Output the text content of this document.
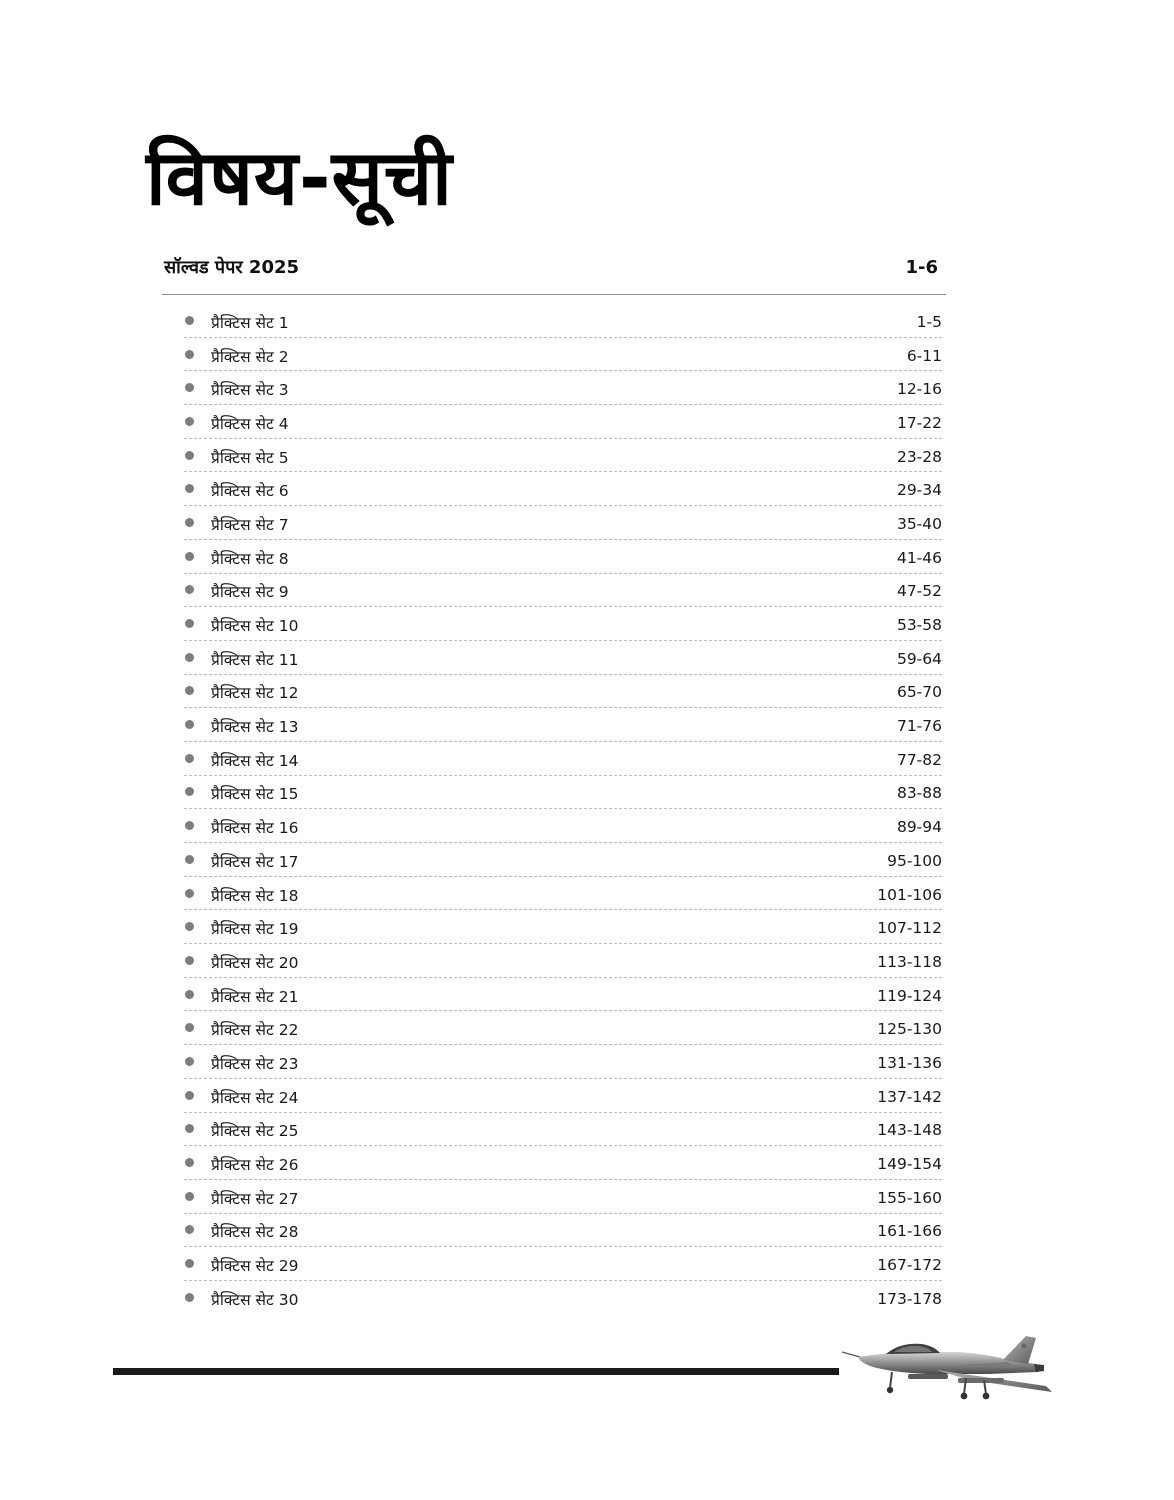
विषय-सूची
सॉल्वड पेपर 2025	1-6
प्रैक्टिस सेट 1	1-5
प्रैक्टिस सेट 2	6-11
प्रैक्टिस सेट 3	12-16
प्रैक्टिस सेट 4	17-22
प्रैक्टिस सेट 5	23-28
प्रैक्टिस सेट 6	29-34
प्रैक्टिस सेट 7	35-40
प्रैक्टिस सेट 8	41-46
प्रैक्टिस सेट 9	47-52
प्रैक्टिस सेट 10	53-58
प्रैक्टिस सेट 11	59-64
प्रैक्टिस सेट 12	65-70
प्रैक्टिस सेट 13	71-76
प्रैक्टिस सेट 14	77-82
प्रैक्टिस सेट 15	83-88
प्रैक्टिस सेट 16	89-94
प्रैक्टिस सेट 17	95-100
प्रैक्टिस सेट 18	101-106
प्रैक्टिस सेट 19	107-112
प्रैक्टिस सेट 20	113-118
प्रैक्टिस सेट 21	119-124
प्रैक्टिस सेट 22	125-130
प्रैक्टिस सेट 23	131-136
प्रैक्टिस सेट 24	137-142
प्रैक्टिस सेट 25	143-148
प्रैक्टिस सेट 26	149-154
प्रैक्टिस सेट 27	155-160
प्रैक्टिस सेट 28	161-166
प्रैक्टिस सेट 29	167-172
प्रैक्टिस सेट 30	173-178
